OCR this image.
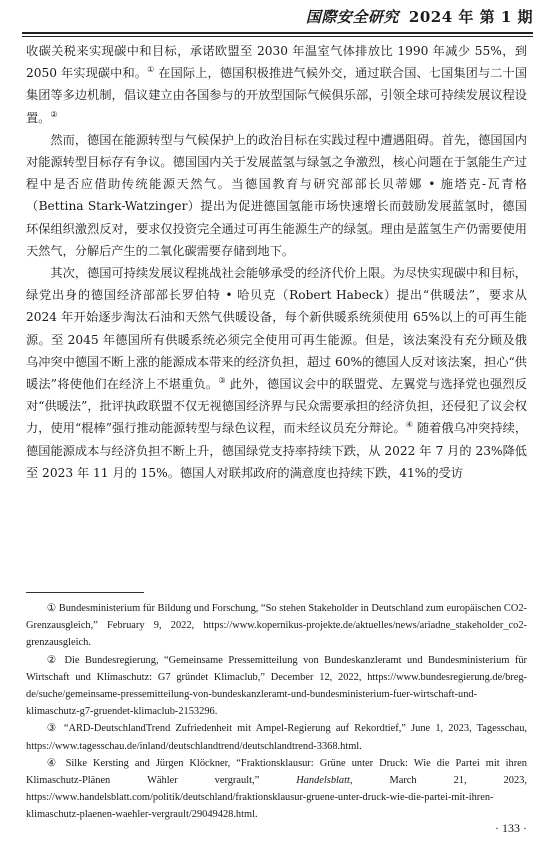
国際安全研究 2024 年 第 1 期

收碳关税来实现碳中和目标，承诺欧盟至 2030 年温室气体排放比 1990 年减少 55%，到 2050 年实现碳中和。① 在国际上，德国积极推进气候外交，通过联合国、七国集团与二十国集团等多边机制，倡议建立由各国参与的开放型国际气候俱乐部，引领全球可持续发展议程设置。②

然而，德国在能源转型与气候保护上的政治目标在实践过程中遭遇阻碍。首先，德国国内对能源转型目标存有争议。德国国内关于发展蓝氢与绿氢之争激烈，核心问题在于氢能生产过程中是否应借助传统能源天然气。当德国教育与研究部部长贝蒂娜 • 施塔克-瓦青格（Bettina Stark-Watzinger）提出为促进德国氢能市场快速增长而鼓励发展蓝氢时，德国环保组织激烈反对，要求仅投资完全通过可再生能源生产的绿氢。理由是蓝氢生产仍需要使用天然气，分解后产生的二氧化碳需要存储到地下。

其次，德国可持续发展议程挑战社会能够承受的经济代价上限。为尽快实现碳中和目标，绿党出身的德国经济部部长罗伯特 • 哈贝克（Robert Habeck）提出“供暖法”，要求从 2024 年开始逐步淘汰石油和天然气供暖设备，每个新供暖系统须使用 65%以上的可再生能源。至 2045 年德国所有供暖系统必须完全使用可再生能源。但是，该法案没有充分顾及俄乌冲突中德国不断上涨的能源成本带来的经济负担，超过 60%的德国人反对该法案，担心“供暖法”将使他们在经济上不堪重负。③ 此外，德国议会中的联盟党、左翼党与选择党也强烈反对“供暖法”，批评执政联盟不仅无视德国经济界与民众需要承担的经济负担，还侵犯了议会权力，使用“棍棒”强行推动能源转型与绿色议程，而未经议员充分辩论。④ 随着俄乌冲突持续，德国能源成本与经济负担不断上升，德国绿党支持率持续下跌，从 2022 年 7 月的 23%降低至 2023 年 11 月的 15%。德国人对联邦政府的满意度也持续下跌，41%的受访

① Bundesministerium für Bildung und Forschung, “So stehen Stakeholder in Deutschland zum europäischen CO2-Grenzausgleich,” February 9, 2022, https://www.kopernikus-projekte.de/aktuelles/news/ariadne_stakeholder_co2-grenzausgleich.

② Die Bundesregierung, “Gemeinsame Pressemitteilung von Bundeskanzleramt und Bundesministerium für Wirtschaft und Klimaschutz: G7 gründet Klimaclub,” December 12, 2022, https://www.bundesregierung.de/breg-de/suche/gemeinsame-pressemitteilung-von-bundeskanzleramt-und-bundesministerium-fuer-wirtschaft-und-klimaschutz-g7-gruendet-klimaclub-2153296.

③ “ARD-DeutschlandTrend Zufriedenheit mit Ampel-Regierung auf Rekordtief,” June 1, 2023, Tagesschau, https://www.tagesschau.de/inland/deutschlandtrend/deutschlandtrend-3368.html.

④ Silke Kersting and Jürgen Klöckner, “Fraktionsklausur: Grüne unter Druck: Wie die Partei mit ihren Klimaschutz-Plänen Wähler vergrault,” Handelsblatt, March 21, 2023, https://www.handelsblatt.com/politik/deutschland/fraktionsklausur-gruene-unter-druck-wie-die-partei-mit-ihren-klimaschutz-plaenen-waehler-vergrault/29049428.html.

· 133 ·
